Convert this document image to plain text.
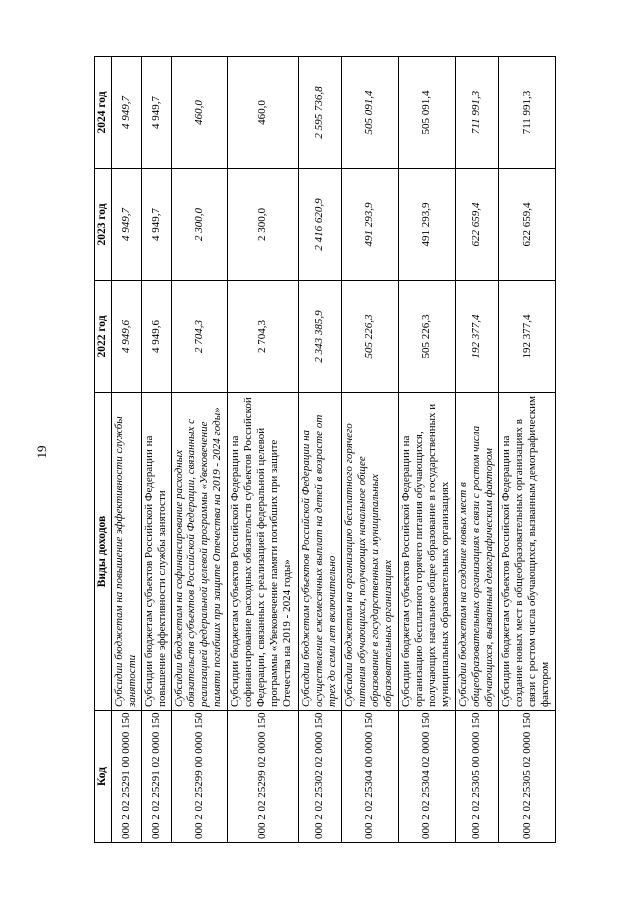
19
Код	Виды доходов	2022 год	2023 год	2024 год
000 2 02 25291 00 0000 150	Субсидии бюджетам на повышение эффективности службы занятости	4 949,6	4 949,7	4 949,7
000 2 02 25291 02 0000 150	Субсидии бюджетам субъектов Российской Федерации на повышение эффективности службы занятости	4 949,6	4 949,7	4 949,7
000 2 02 25299 00 0000 150	Субсидии бюджетам на софинансирование расходных обязательств субъектов Российской Федерации, связанных с реализацией федеральной целевой программы «Увековечение памяти погибших при защите Отечества на 2019 - 2024 годы»	2 704,3	2 300,0	460,0
000 2 02 25299 02 0000 150	Субсидии бюджетам субъектов Российской Федерации на софинансирование расходных обязательств субъектов Российской Федерации, связанных с реализацией федеральной целевой программы «Увековечение памяти погибших при защите Отечества на 2019 - 2024 годы»	2 704,3	2 300,0	460,0
000 2 02 25302 02 0000 150	Субсидии бюджетам субъектов Российской Федерации на осуществление ежемесячных выплат на детей в возрасте от трех до семи лет включительно	2 343 385,9	2 416 620,9	2 595 736,8
000 2 02 25304 00 0000 150	Субсидии бюджетам на организацию бесплатного горячего питания обучающихся, получающих начальное общее образование в государственных и муниципальных образовательных организациях	505 226,3	491 293,9	505 091,4
000 2 02 25304 02 0000 150	Субсидии бюджетам субъектов Российской Федерации на организацию бесплатного горячего питания обучающихся, получающих начальное общее образование в государственных и муниципальных образовательных организациях	505 226,3	491 293,9	505 091,4
000 2 02 25305 00 0000 150	Субсидии бюджетам на создание новых мест в общеобразовательных организациях в связи с ростом числа обучающихся, вызванным демографическим фактором	192 377,4	622 659,4	711 991,3
000 2 02 25305 02 0000 150	Субсидии бюджетам субъектов Российской Федерации на создание новых мест в общеобразовательных организациях в связи с ростом числа обучающихся, вызванным демографическим фактором	192 377,4	622 659,4	711 991,3
